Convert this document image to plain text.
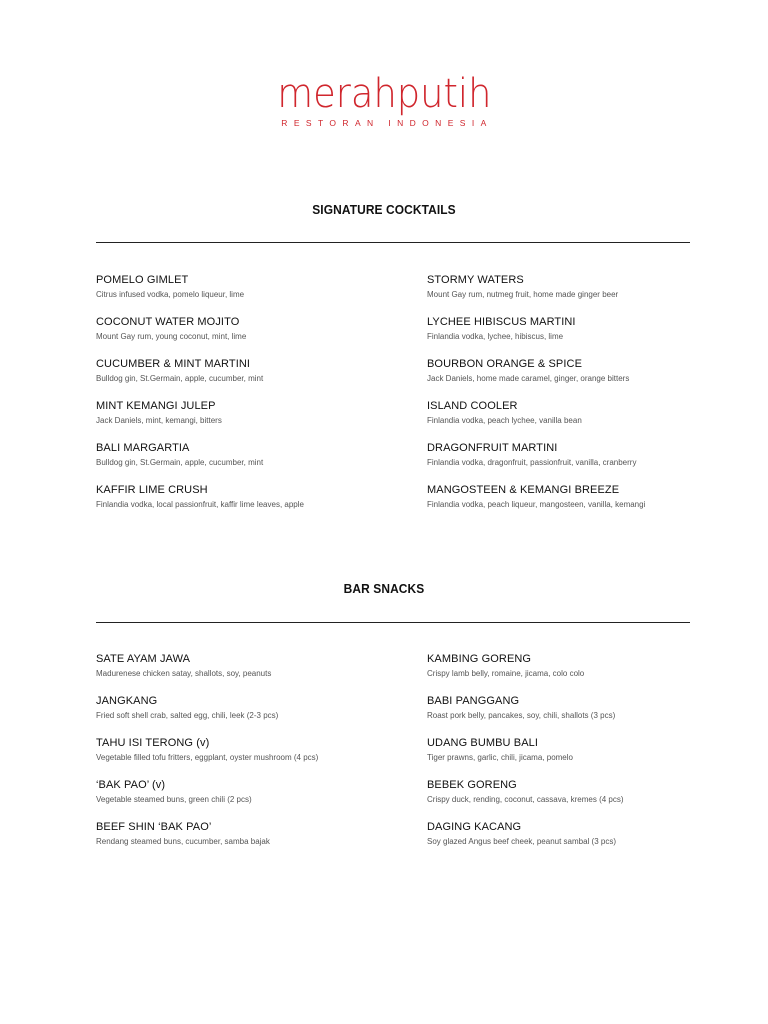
merahputih
RESTORAN INDONESIA
SIGNATURE COCKTAILS
POMELO GIMLET
Citrus infused vodka, pomelo liqueur, lime
COCONUT WATER MOJITO
Mount Gay rum, young coconut, mint, lime
CUCUMBER & MINT MARTINI
Bulldog gin, St.Germain, apple, cucumber, mint
MINT KEMANGI JULEP
Jack Daniels, mint, kemangi, bitters
BALI MARGARTIA
Bulldog gin, St.Germain, apple, cucumber, mint
KAFFIR LIME CRUSH
Finlandia vodka, local passionfruit, kaffir lime leaves, apple
STORMY WATERS
Mount Gay rum, nutmeg fruit, home made ginger beer
LYCHEE HIBISCUS MARTINI
Finlandia vodka, lychee, hibiscus, lime
BOURBON ORANGE & SPICE
Jack Daniels, home made caramel, ginger, orange bitters
ISLAND COOLER
Finlandia vodka, peach lychee, vanilla bean
DRAGONFRUIT MARTINI
Finlandia vodka, dragonfruit, passionfruit, vanilla, cranberry
MANGOSTEEN & KEMANGI BREEZE
Finlandia vodka, peach liqueur, mangosteen, vanilla, kemangi
BAR SNACKS
SATE AYAM JAWA
Madurenese chicken satay, shallots, soy, peanuts
JANGKANG
Fried soft shell crab, salted egg, chili, leek (2-3 pcs)
TAHU ISI TERONG (v)
Vegetable filled tofu fritters, eggplant, oyster mushroom (4 pcs)
‘BAK PAO’ (v)
Vegetable steamed buns, green chili (2 pcs)
BEEF SHIN ‘BAK PAO’
Rendang steamed buns, cucumber, samba bajak
KAMBING GORENG
Crispy lamb belly, romaine, jicama, colo colo
BABI PANGGANG
Roast pork belly, pancakes, soy, chili, shallots (3 pcs)
UDANG BUMBU BALI
Tiger prawns, garlic, chili, jicama, pomelo
BEBEK GORENG
Crispy duck, rending, coconut, cassava, kremes (4 pcs)
DAGING KACANG
Soy glazed Angus beef cheek, peanut sambal (3 pcs)
